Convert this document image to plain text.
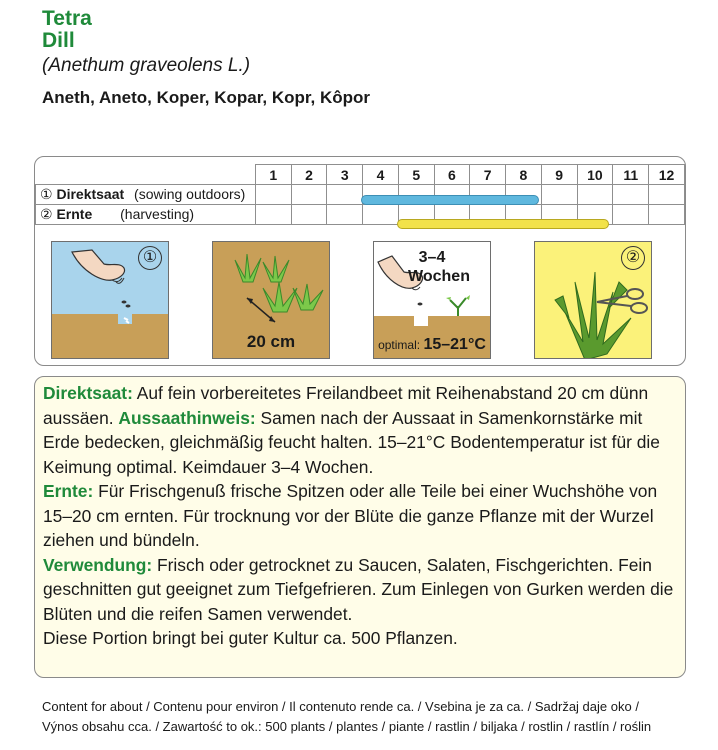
Tetra
Dill
(Anethum graveolens L.)
Aneth, Aneto, Koper, Kopar, Kopr, Kôpor
	1	2	3	4	5	6	7	8	9	10	11	12
① Direktsaat (sowing outdoors)												
② Ernte (harvesting)												
①
20 cm
3–4
Wochen
optimal: 15–21°C
②

Direktsaat: Auf fein vorbereitetes Freilandbeet mit Reihenabstand 20 cm dünn aussäen. Aussaathinweis: Samen nach der Aussaat in Samenkornstärke mit Erde bedecken, gleichmäßig feucht halten. 15–21°C Bodentemperatur ist für die Keimung optimal. Keimdauer 3–4 Wochen.
Ernte: Für Frischgenuß frische Spitzen oder alle Teile bei einer Wuchshöhe von 15–20 cm ernten. Für trocknung vor der Blüte die ganze Pflanze mit der Wurzel ziehen und bündeln.
Verwendung: Frisch oder getrocknet zu Saucen, Salaten, Fischgerichten. Fein geschnitten gut geeignet zum Tiefgefrieren. Zum Einlegen von Gurken werden die Blüten und die reifen Samen verwendet.
Diese Portion bringt bei guter Kultur ca. 500 Pflanzen.

Content for about / Contenu pour environ / Il contenuto rende ca. / Vsebina je za ca. / Sadržaj daje oko /
Výnos obsahu cca. / Zawartość to ok.: 500 plants / plantes / piante / rastlin / biljaka / rostlin / rastlín / roślin
